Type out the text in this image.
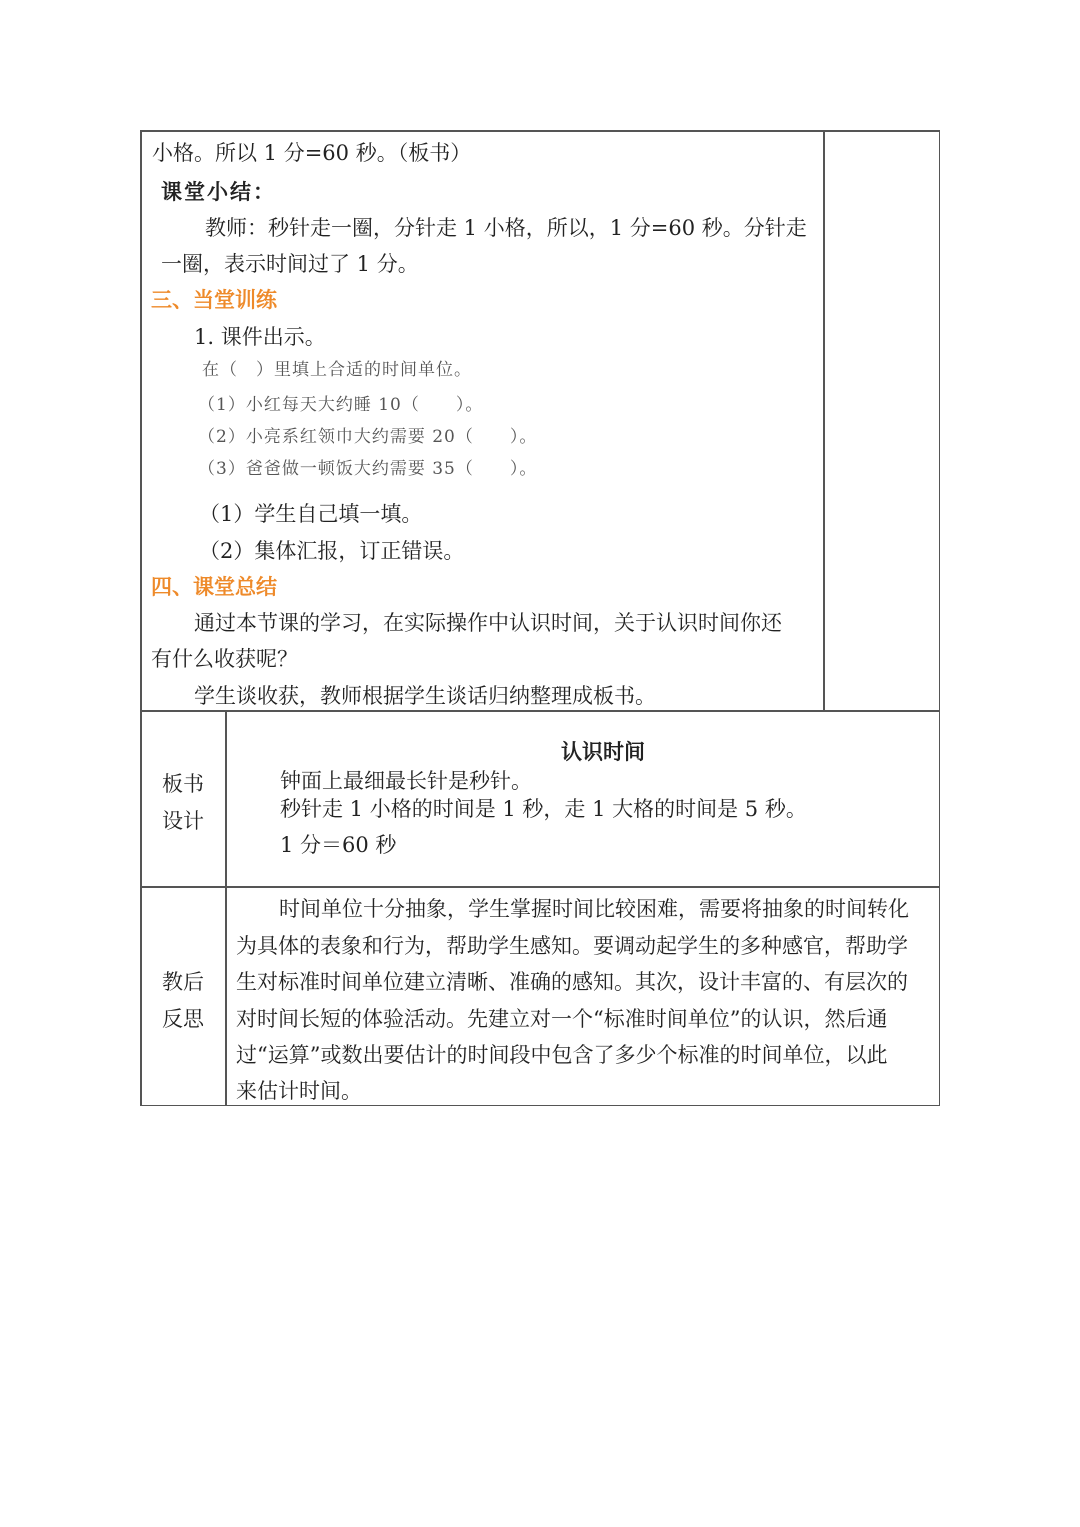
小格。所以 1 分=60 秒。（板书）
课堂小结：
教师：秒针走一圈，分针走 1 小格，所以，1 分=60 秒。分针走
一圈，表示时间过了 1 分。
三、当堂训练
1. 课件出示。
在（　）里填上合适的时间单位。
（1）小红每天大约睡 10（　　）。
（2）小亮系红领巾大约需要 20（　　）。
（3）爸爸做一顿饭大约需要 35（　　）。
（1）学生自己填一填。
（2）集体汇报，订正错误。
四、课堂总结
通过本节课的学习，在实际操作中认识时间，关于认识时间你还
有什么收获呢？
学生谈收获，教师根据学生谈话归纳整理成板书。
板书
设计
认识时间
钟面上最细最长针是秒针。
秒针走 1 小格的时间是 1 秒，走 1 大格的时间是 5 秒。
1 分＝60 秒
教后
反思
时间单位十分抽象，学生掌握时间比较困难，需要将抽象的时间转化
为具体的表象和行为，帮助学生感知。要调动起学生的多种感官，帮助学
生对标准时间单位建立清晰、准确的感知。其次，设计丰富的、有层次的
对时间长短的体验活动。先建立对一个“标准时间单位”的认识，然后通
过“运算”或数出要估计的时间段中包含了多少个标准的时间单位，以此
来估计时间。
